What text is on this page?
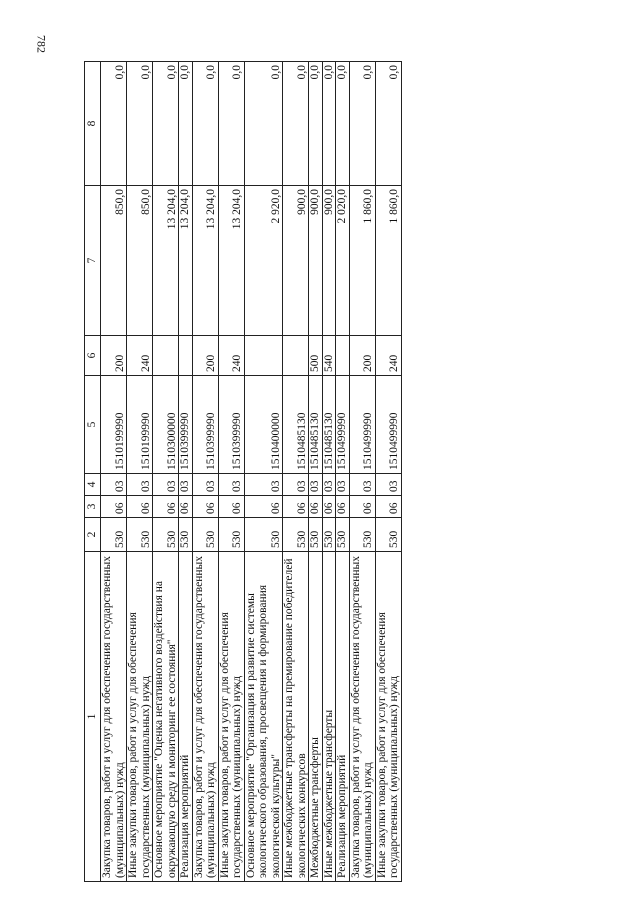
782
1	2	3	4	5	6	7	8
Закупка товаров, работ и услуг для обеспечения государственных (муниципальных) нужд	530	06	03	1510199990	200	850,0	0,0
Иные закупки товаров, работ и услуг для обеспечения государственных (муниципальных) нужд	530	06	03	1510199990	240	850,0	0,0
Основное мероприятие "Оценка негативного воздействия на окружающую среду и мониторинг ее состояния"	530	06	03	1510300000		13 204,0	0,0
Реализация мероприятий	530	06	03	1510399990		13 204,0	0,0
Закупка товаров, работ и услуг для обеспечения государственных (муниципальных) нужд	530	06	03	1510399990	200	13 204,0	0,0
Иные закупки товаров, работ и услуг для обеспечения государственных (муниципальных) нужд	530	06	03	1510399990	240	13 204,0	0,0
Основное мероприятие "Организация и развитие системы экологического образования, просвещения и формирования экологической культуры"	530	06	03	1510400000		2 920,0	0,0
Иные межбюджетные трансферты на премирование победителей экологических конкурсов	530	06	03	1510485130		900,0	0,0
Межбюджетные трансферты	530	06	03	1510485130	500	900,0	0,0
Иные межбюджетные трансферты	530	06	03	1510485130	540	900,0	0,0
Реализация мероприятий	530	06	03	1510499990		2 020,0	0,0
Закупка товаров, работ и услуг для обеспечения государственных (муниципальных) нужд	530	06	03	1510499990	200	1 860,0	0,0
Иные закупки товаров, работ и услуг для обеспечения государственных (муниципальных) нужд	530	06	03	1510499990	240	1 860,0	0,0
